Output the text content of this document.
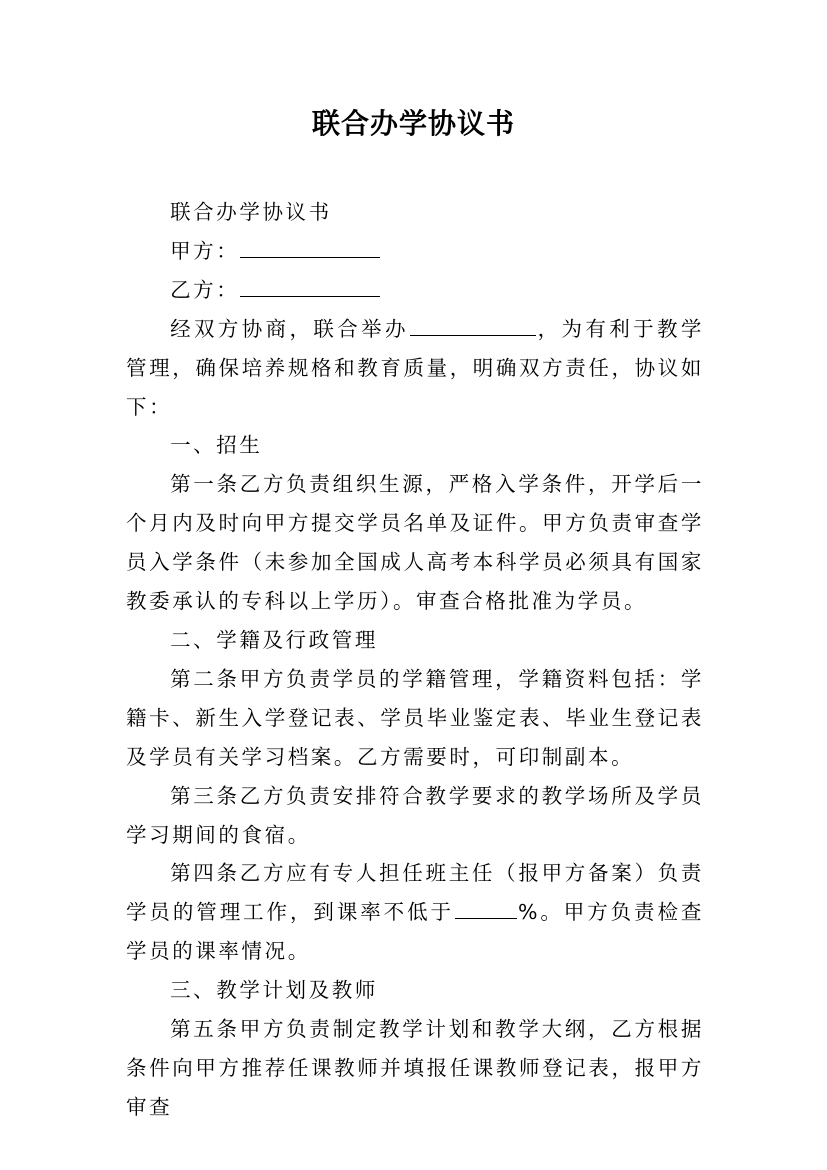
联合办学协议书

联合办学协议书

甲方：

乙方：

经双方协商，联合举办	，为有利于教学管理，确保培养规格和教育质量，明确双方责任，协议如下：

一、招生

第一条乙方负责组织生源，严格入学条件，开学后一个月内及时向甲方提交学员名单及证件。甲方负责审查学员入学条件（未参加全国成人高考本科学员必须具有国家教委承认的专科以上学历）。审查合格批准为学员。

二、学籍及行政管理

第二条甲方负责学员的学籍管理，学籍资料包括：学籍卡、新生入学登记表、学员毕业鉴定表、毕业生登记表及学员有关学习档案。乙方需要时，可印制副本。

第三条乙方负责安排符合教学要求的教学场所及学员学习期间的食宿。

第四条乙方应有专人担任班主任（报甲方备案）负责学员的管理工作，到课率不低于	%。甲方负责检查学员的课率情况。

三、教学计划及教师

第五条甲方负责制定教学计划和教学大纲，乙方根据条件向甲方推荐任课教师并填报任课教师登记表，报甲方审查
